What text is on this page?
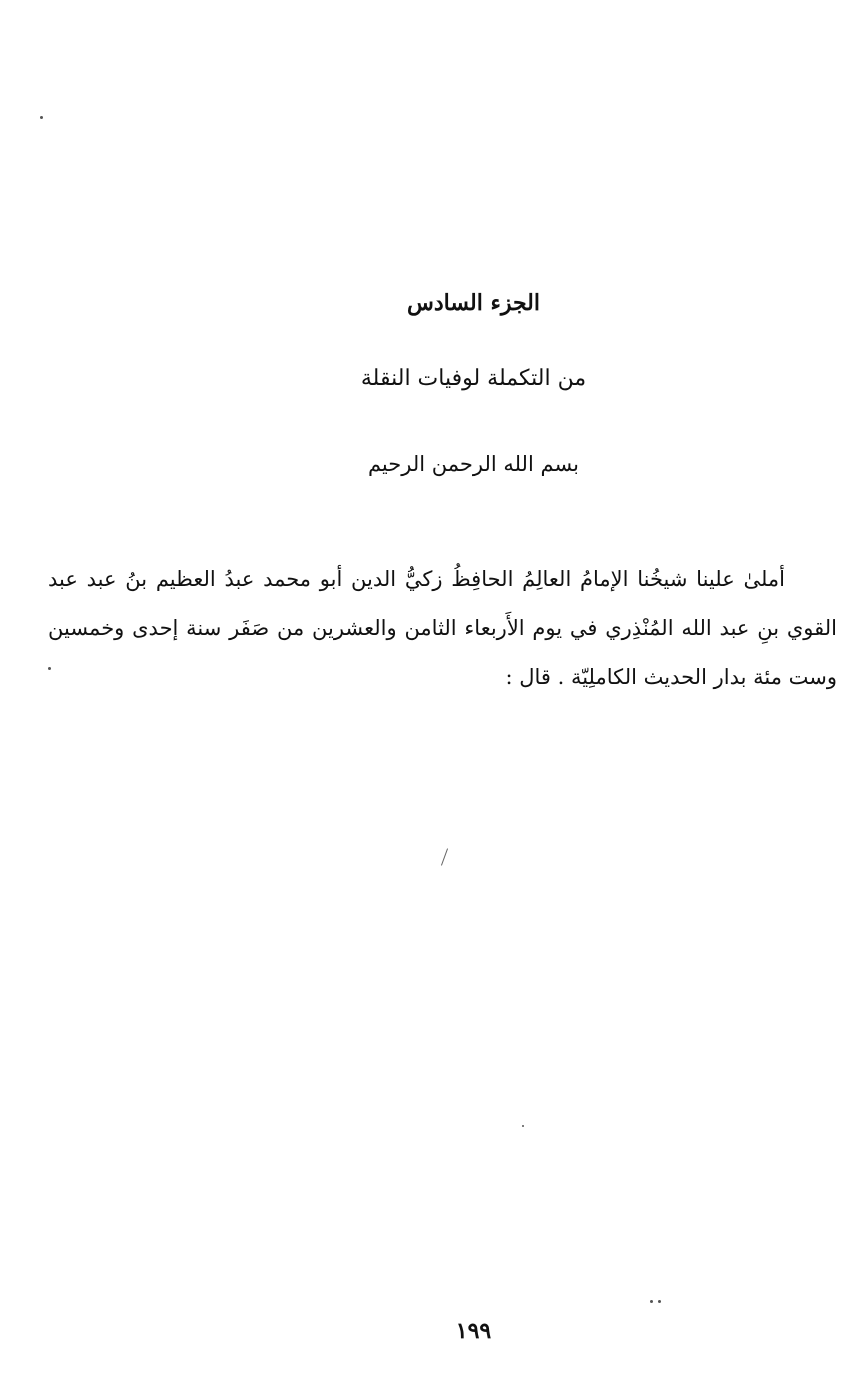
الجزء السادس
من التكملة لوفيات النقلة
بسم الله الرحمن الرحيم

أملىٰ علينا شيخُنا الإمامُ العالِمُ الحافِظُ زكيُّ الدين أبو محمد عبدُ العظيم بنُ عبد عبد القوي بنِ عبد الله المُنْذِري في يوم الأَربعاء الثامن والعشرين من صَفَر سنة إحدى وخمسين وست مئة بدار الحديث الكاملِيّة . قال :

١٩٩
